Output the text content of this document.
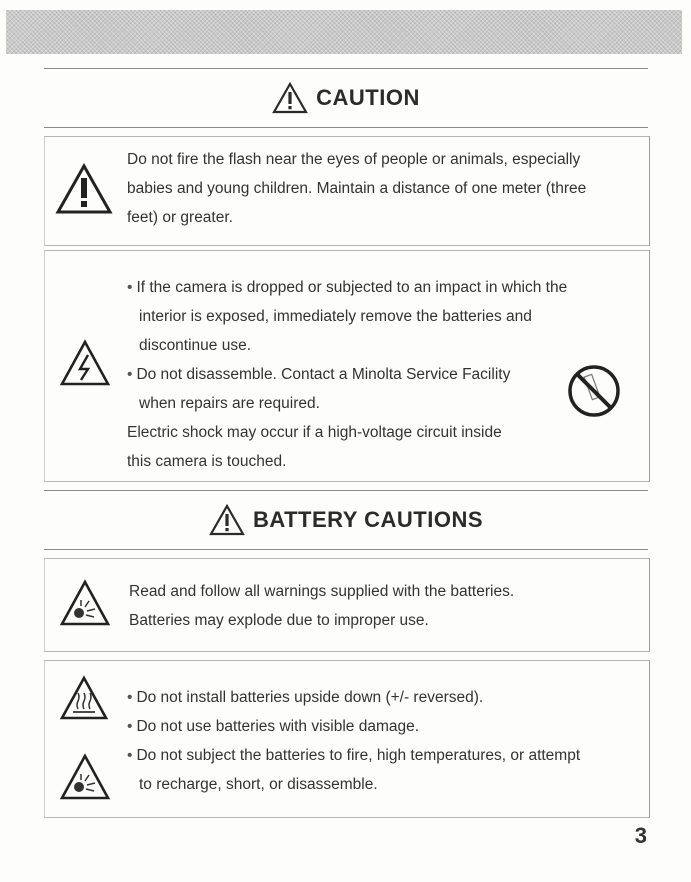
CAUTION
Do not fire the flash near the eyes of people or animals, especially
babies and young children. Maintain a distance of one meter (three
feet) or greater.
• If the camera is dropped or subjected to an impact in which the
interior is exposed, immediately remove the batteries and
discontinue use.
• Do not disassemble. Contact a Minolta Service Facility
when repairs are required.
Electric shock may occur if a high-voltage circuit inside
this camera is touched.
BATTERY CAUTIONS
Read and follow all warnings supplied with the batteries.
Batteries may explode due to improper use.
• Do not install batteries upside down (+/- reversed).
• Do not use batteries with visible damage.
• Do not subject the batteries to fire, high temperatures, or attempt
to recharge, short, or disassemble.
3
